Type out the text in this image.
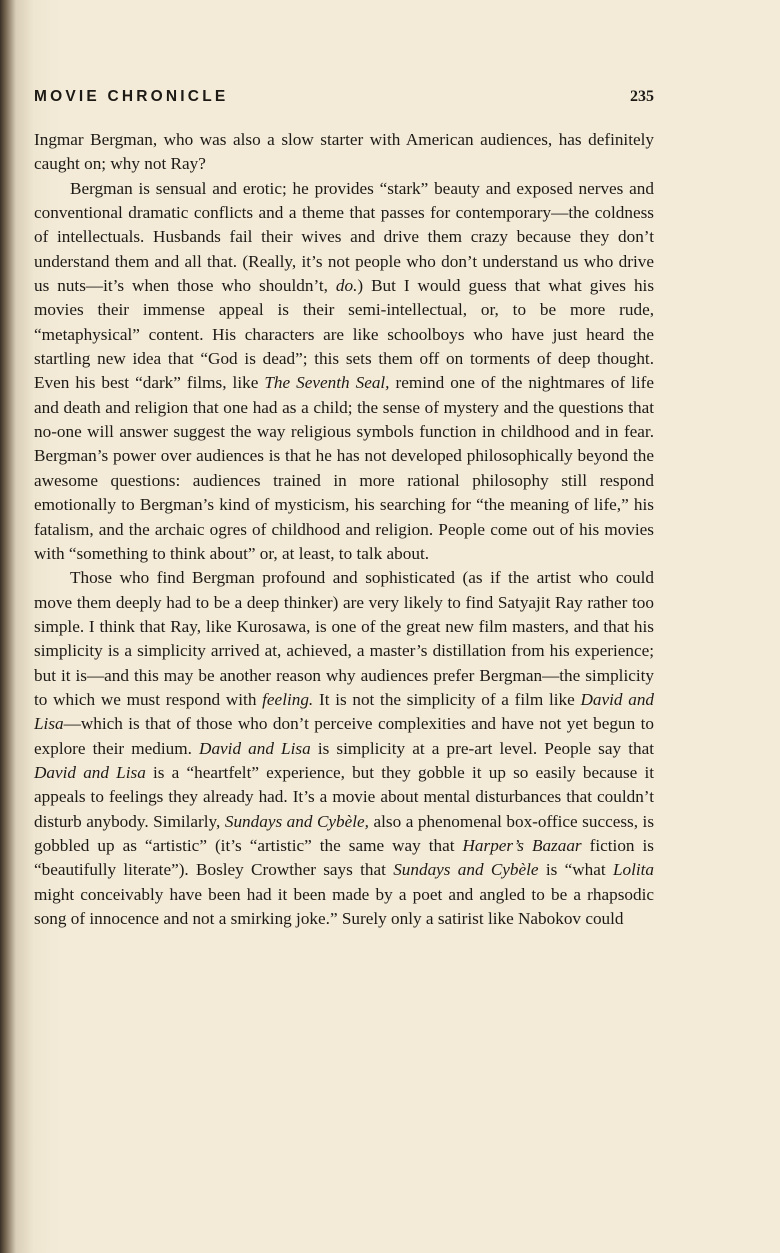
MOVIE CHRONICLE	235

Ingmar Bergman, who was also a slow starter with American audiences, has definitely caught on; why not Ray?

Bergman is sensual and erotic; he provides “stark” beauty and exposed nerves and conventional dramatic conflicts and a theme that passes for contemporary—the coldness of intellectuals. Husbands fail their wives and drive them crazy because they don’t understand them and all that. (Really, it’s not people who don’t understand us who drive us nuts—it’s when those who shouldn’t, do.) But I would guess that what gives his movies their immense appeal is their semi-intellectual, or, to be more rude, “metaphysical” content. His characters are like schoolboys who have just heard the startling new idea that “God is dead”; this sets them off on torments of deep thought. Even his best “dark” films, like The Seventh Seal, remind one of the nightmares of life and death and religion that one had as a child; the sense of mystery and the questions that no-one will answer suggest the way religious symbols function in childhood and in fear. Bergman’s power over audiences is that he has not developed philosophically beyond the awesome questions: audiences trained in more rational philosophy still respond emotionally to Bergman’s kind of mysticism, his searching for “the meaning of life,” his fatalism, and the archaic ogres of childhood and religion. People come out of his movies with “something to think about” or, at least, to talk about.

Those who find Bergman profound and sophisticated (as if the artist who could move them deeply had to be a deep thinker) are very likely to find Satyajit Ray rather too simple. I think that Ray, like Kurosawa, is one of the great new film masters, and that his simplicity is a simplicity arrived at, achieved, a master’s distillation from his experience; but it is—and this may be another reason why audiences prefer Bergman—the simplicity to which we must respond with feeling. It is not the simplicity of a film like David and Lisa—which is that of those who don’t perceive complexities and have not yet begun to explore their medium. David and Lisa is simplicity at a pre-art level. People say that David and Lisa is a “heartfelt” experience, but they gobble it up so easily because it appeals to feelings they already had. It’s a movie about mental disturbances that couldn’t disturb anybody. Similarly, Sundays and Cybèle, also a phenomenal box-office success, is gobbled up as “artistic” (it’s “artistic” the same way that Harper’s Bazaar fiction is “beautifully literate”). Bosley Crowther says that Sundays and Cybèle is “what Lolita might conceivably have been had it been made by a poet and angled to be a rhapsodic song of innocence and not a smirking joke.” Surely only a satirist like Nabokov could
